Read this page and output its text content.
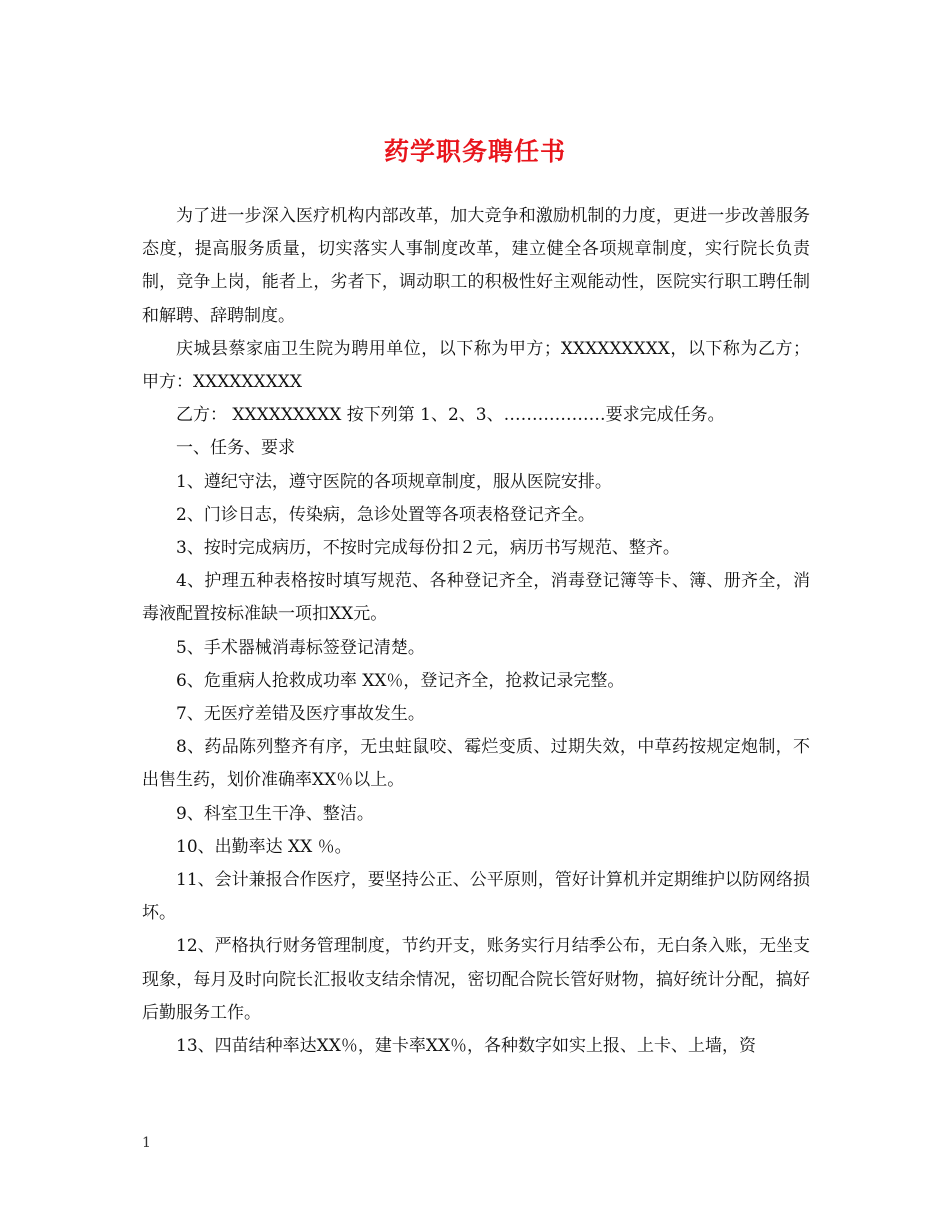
药学职务聘任书

为了进一步深入医疗机构内部改革，加大竞争和激励机制的力度，更进一步改善服务态度，提高服务质量，切实落实人事制度改革，建立健全各项规章制度，实行院长负责制，竞争上岗，能者上，劣者下，调动职工的积极性好主观能动性，医院实行职工聘任制和解聘、辞聘制度。

庆城县蔡家庙卫生院为聘用单位，以下称为甲方；XXXXXXXXX，以下称为乙方；甲方：XXXXXXXXX

乙方： XXXXXXXXX 按下列第 1、2、3、………………要求完成任务。

一、任务、要求

1、遵纪守法，遵守医院的各项规章制度，服从医院安排。

2、门诊日志，传染病，急诊处置等各项表格登记齐全。

3、按时完成病历，不按时完成每份扣２元，病历书写规范、整齐。

4、护理五种表格按时填写规范、各种登记齐全，消毒登记簿等卡、簿、册齐全，消毒液配置按标准缺一项扣XX元。

5、手术器械消毒标签登记清楚。

6、危重病人抢救成功率 XX％，登记齐全，抢救记录完整。

7、无医疗差错及医疗事故发生。

8、药品陈列整齐有序，无虫蛀鼠咬、霉烂变质、过期失效，中草药按规定炮制，不出售生药，划价准确率XX％以上。

9、科室卫生干净、整洁。

10、出勤率达 XX ％。

11、会计兼报合作医疗，要坚持公正、公平原则，管好计算机并定期维护以防网络损坏。

12、严格执行财务管理制度，节约开支，账务实行月结季公布，无白条入账，无坐支现象，每月及时向院长汇报收支结余情况，密切配合院长管好财物，搞好统计分配，搞好后勤服务工作。

13、四苗结种率达XX％，建卡率XX％，各种数字如实上报、上卡、上墙，资

1
